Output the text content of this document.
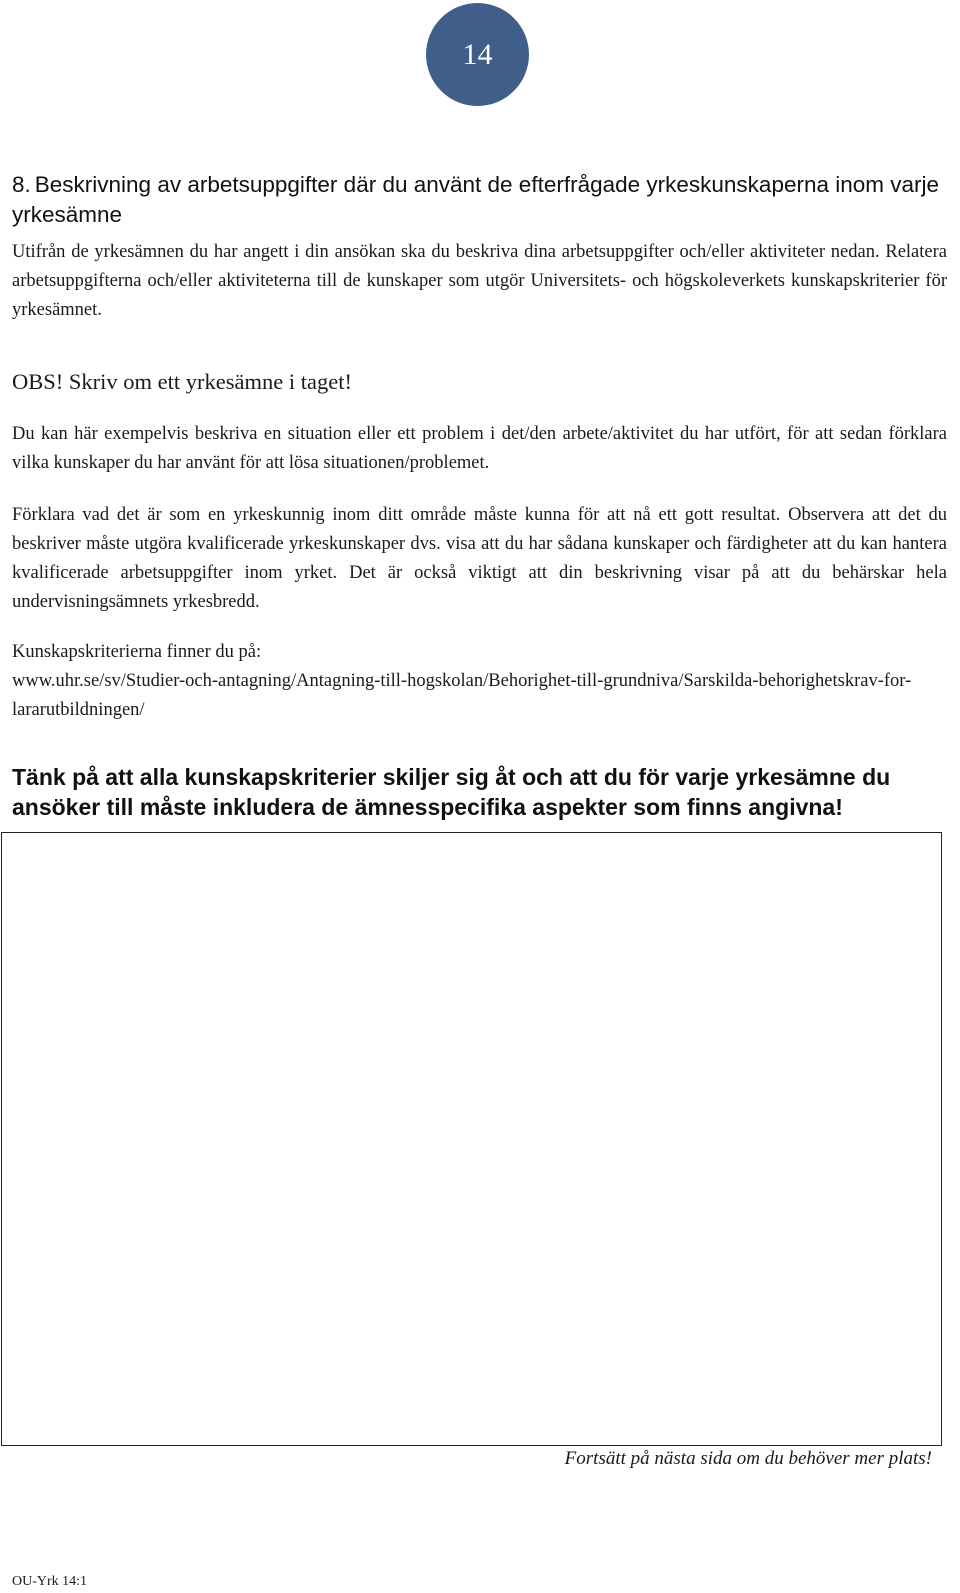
14
8. Beskrivning av arbetsuppgifter där du använt de efterfrågade yrkeskunskaperna inom varje yrkesämne

Utifrån de yrkesämnen du har angett i din ansökan ska du beskriva dina arbetsuppgifter och/eller aktiviteter nedan. Relatera arbetsuppgifterna och/eller aktiviteterna till de kunskaper som utgör Universitets- och högskoleverkets kunskapskriterier för yrkesämnet.

OBS! Skriv om ett yrkesämne i taget!

Du kan här exempelvis beskriva en situation eller ett problem i det/den arbete/aktivitet du har utfört, för att sedan förklara vilka kunskaper du har använt för att lösa situationen/problemet.

Förklara vad det är som en yrkeskunnig inom ditt område måste kunna för att nå ett gott resultat. Observera att det du beskriver måste utgöra kvalificerade yrkeskunskaper dvs. visa att du har sådana kunskaper och färdigheter att du kan hantera kvalificerade arbetsuppgifter inom yrket. Det är också viktigt att din beskrivning visar på att du behärskar hela undervisningsämnets yrkesbredd.

Kunskapskriterierna finner du på:
www.uhr.se/sv/Studier-och-antagning/Antagning-till-hogskolan/Behorighet-till-grundniva/Sarskilda-behorighetskrav-for-lararutbildningen/

Tänk på att alla kunskapskriterier skiljer sig åt och att du för varje yrkesämne du ansöker till måste inkludera de ämnesspecifika aspekter som finns angivna!

Fortsätt på nästa sida om du behöver mer plats!

OU-Yrk 14:1
